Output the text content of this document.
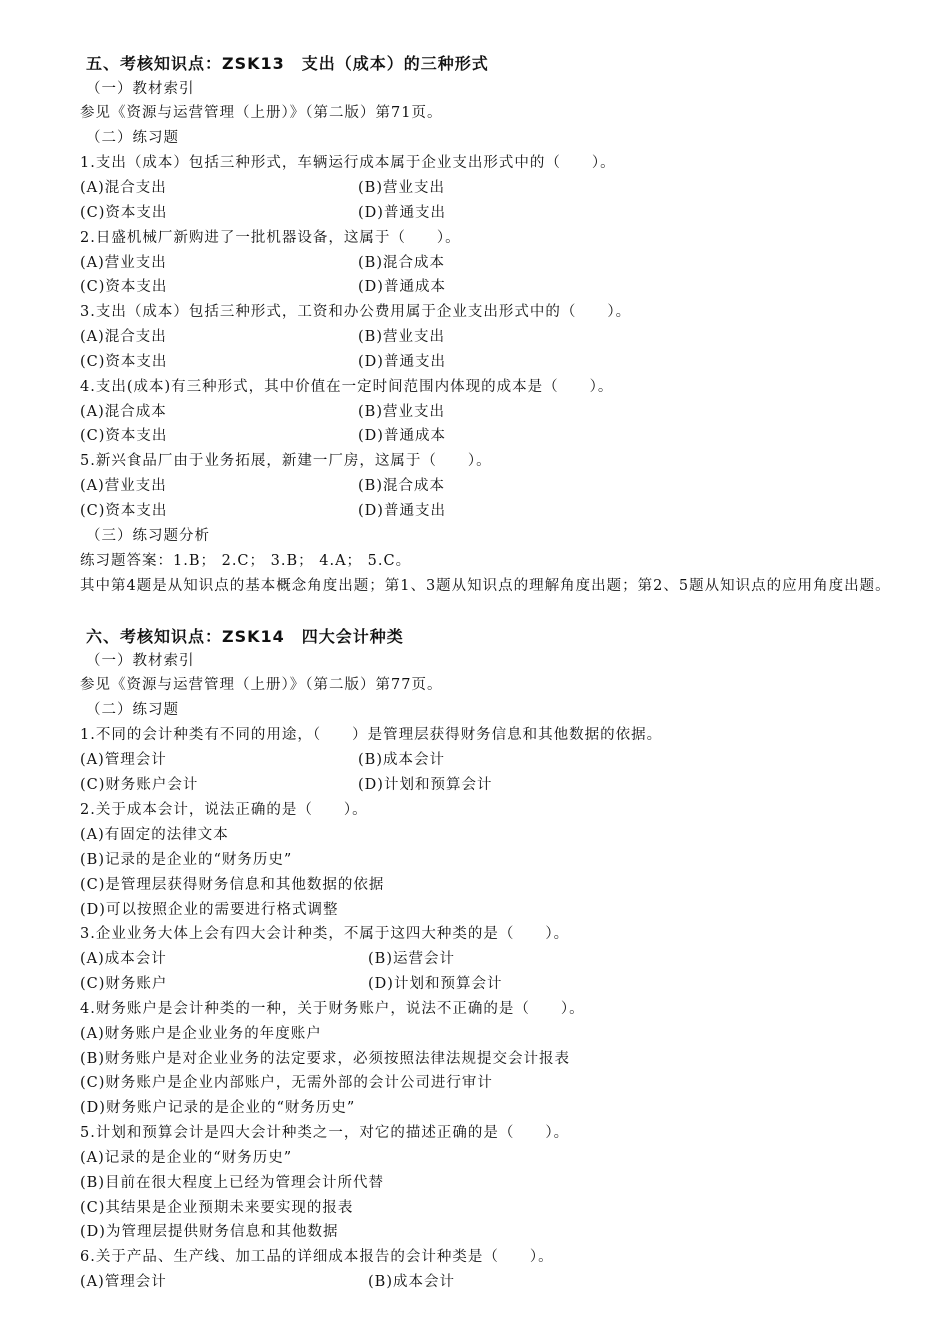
五、考核知识点：ZSK13　支出（成本）的三种形式
（一）教材索引
参见《资源与运营管理（上册）》（第二版）第71页。
（二）练习题
1.支出（成本）包括三种形式，车辆运行成本属于企业支出形式中的（　　）。
(A)混合支出	(B)营业支出
(C)资本支出	(D)普通支出
2.日盛机械厂新购进了一批机器设备，这属于（　　）。
(A)营业支出	(B)混合成本
(C)资本支出	(D)普通成本
3.支出（成本）包括三种形式，工资和办公费用属于企业支出形式中的（　　）。
(A)混合支出	(B)营业支出
(C)资本支出	(D)普通支出
4.支出(成本)有三种形式，其中价值在一定时间范围内体现的成本是（　　）。
(A)混合成本	(B)营业支出
(C)资本支出	(D)普通成本
5.新兴食品厂由于业务拓展，新建一厂房，这属于（　　）。
(A)营业支出	(B)混合成本
(C)资本支出	(D)普通支出
（三）练习题分析
练习题答案：1.B； 2.C； 3.B； 4.A； 5.C。
其中第4题是从知识点的基本概念角度出题；第1、3题从知识点的理解角度出题；第2、5题从知识点的应用角度出题。
六、考核知识点：ZSK14　四大会计种类
（一）教材索引
参见《资源与运营管理（上册）》（第二版）第77页。
（二）练习题
1.不同的会计种类有不同的用途，（　　）是管理层获得财务信息和其他数据的依据。
(A)管理会计	(B)成本会计
(C)财务账户会计	(D)计划和预算会计
2.关于成本会计，说法正确的是（　　）。
(A)有固定的法律文本
(B)记录的是企业的“财务历史”
(C)是管理层获得财务信息和其他数据的依据
(D)可以按照企业的需要进行格式调整
3.企业业务大体上会有四大会计种类，不属于这四大种类的是（　　）。
(A)成本会计	(B)运营会计
(C)财务账户	(D)计划和预算会计
4.财务账户是会计种类的一种，关于财务账户，说法不正确的是（　　）。
(A)财务账户是企业业务的年度账户
(B)财务账户是对企业业务的法定要求，必须按照法律法规提交会计报表
(C)财务账户是企业内部账户，无需外部的会计公司进行审计
(D)财务账户记录的是企业的“财务历史”
5.计划和预算会计是四大会计种类之一，对它的描述正确的是（　　）。
(A)记录的是企业的“财务历史”
(B)目前在很大程度上已经为管理会计所代替
(C)其结果是企业预期未来要实现的报表
(D)为管理层提供财务信息和其他数据
6.关于产品、生产线、加工品的详细成本报告的会计种类是（　　）。
(A)管理会计	(B)成本会计
